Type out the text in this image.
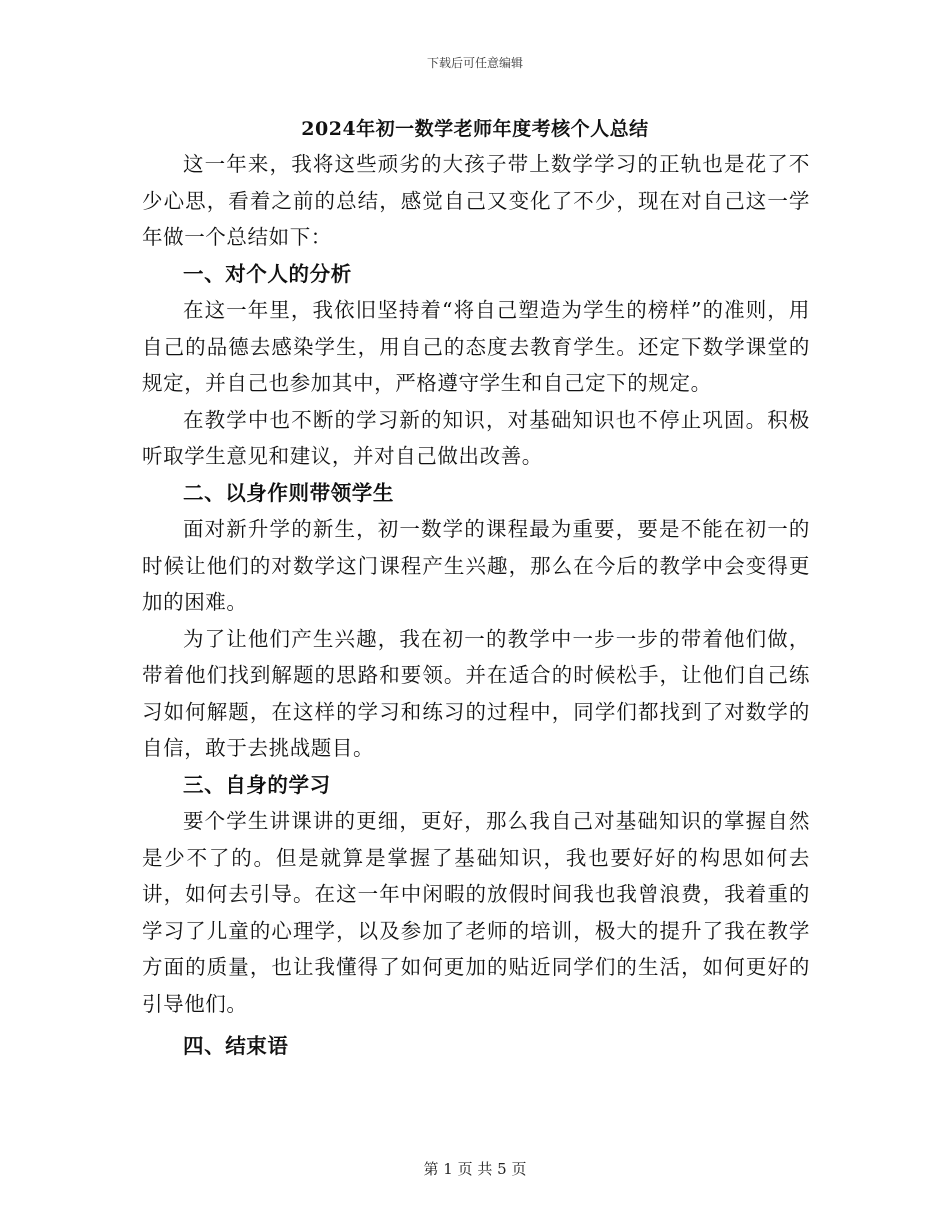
下载后可任意编辑
2024年初一数学老师年度考核个人总结

这一年来，我将这些顽劣的大孩子带上数学学习的正轨也是花了不少心思，看着之前的总结，感觉自己又变化了不少，现在对自己这一学年做一个总结如下：

一、对个人的分析

在这一年里，我依旧坚持着“将自己塑造为学生的榜样”的准则，用自己的品德去感染学生，用自己的态度去教育学生。还定下数学课堂的规定，并自己也参加其中，严格遵守学生和自己定下的规定。

在教学中也不断的学习新的知识，对基础知识也不停止巩固。积极听取学生意见和建议，并对自己做出改善。

二、以身作则带领学生

面对新升学的新生，初一数学的课程最为重要，要是不能在初一的时候让他们的对数学这门课程产生兴趣，那么在今后的教学中会变得更加的困难。

为了让他们产生兴趣，我在初一的教学中一步一步的带着他们做，带着他们找到解题的思路和要领。并在适合的时候松手，让他们自己练习如何解题，在这样的学习和练习的过程中，同学们都找到了对数学的自信，敢于去挑战题目。

三、自身的学习

要个学生讲课讲的更细，更好，那么我自己对基础知识的掌握自然是少不了的。但是就算是掌握了基础知识，我也要好好的构思如何去讲，如何去引导。在这一年中闲暇的放假时间我也我曾浪费，我着重的学习了儿童的心理学，以及参加了老师的培训，极大的提升了我在教学方面的质量，也让我懂得了如何更加的贴近同学们的生活，如何更好的引导他们。

四、结束语

第 1 页 共 5 页
